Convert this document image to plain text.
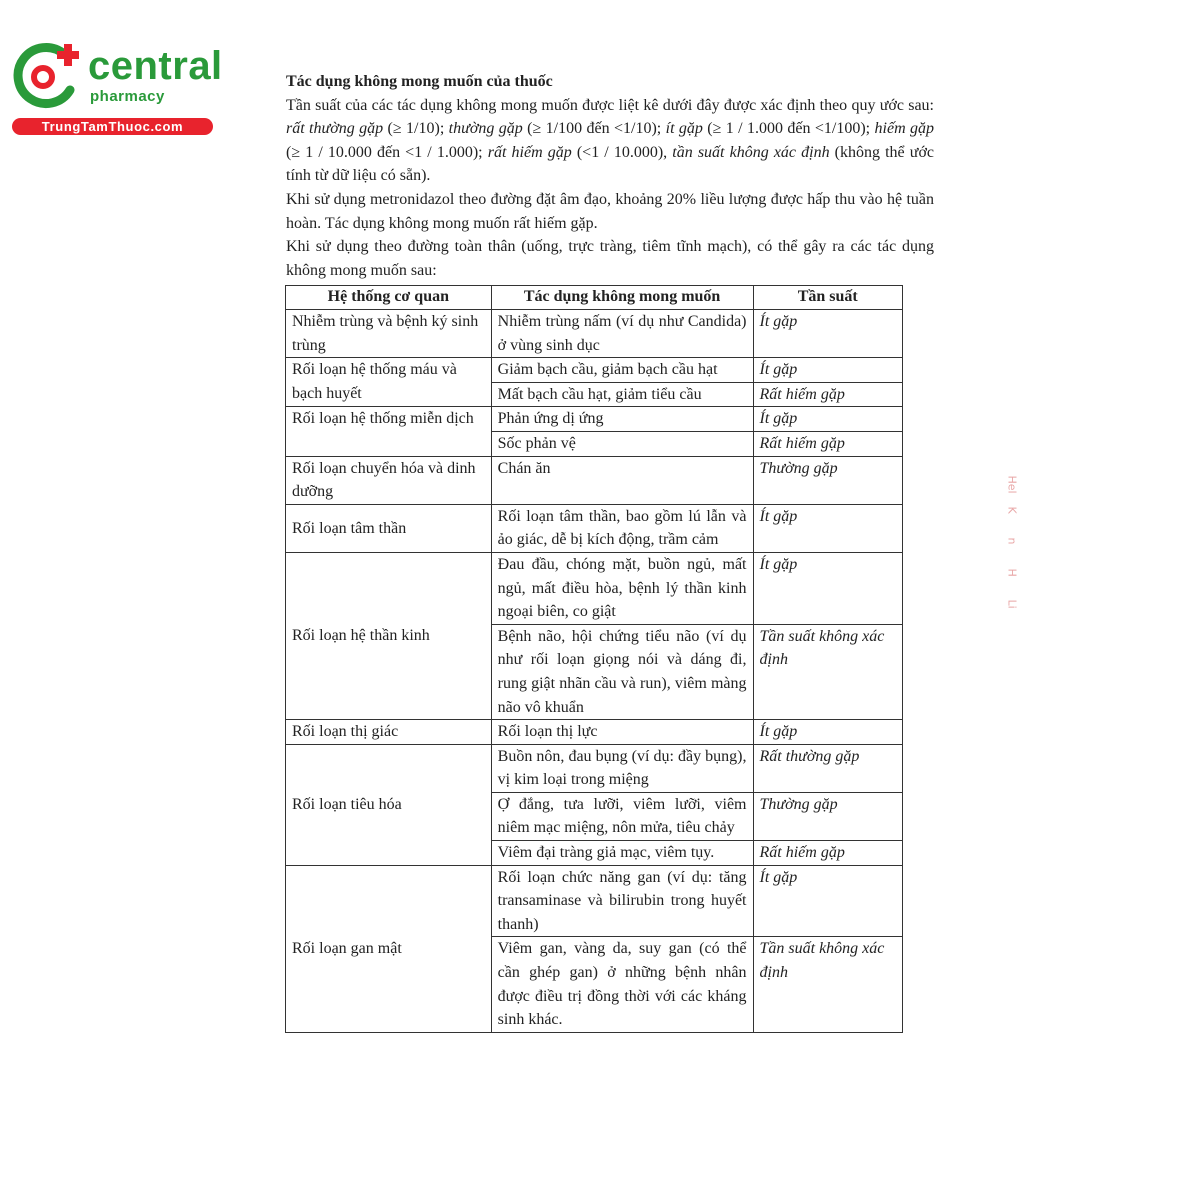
central
pharmacy
TrungTamThuoc.com
Tác dụng không mong muốn của thuốc

Tần suất của các tác dụng không mong muốn được liệt kê dưới đây được xác định theo quy ước sau: rất thường gặp (≥ 1/10); thường gặp (≥ 1/100 đến <1/10); ít gặp (≥ 1 / 1.000 đến <1/100); hiếm gặp (≥ 1 / 10.000 đến <1 / 1.000); rất hiếm gặp (<1 / 10.000), tần suất không xác định (không thể ước tính từ dữ liệu có sẵn).

Khi sử dụng metronidazol theo đường đặt âm đạo, khoảng 20% liều lượng được hấp thu vào hệ tuần hoàn. Tác dụng không mong muốn rất hiếm gặp.

Khi sử dụng theo đường toàn thân (uống, trực tràng, tiêm tĩnh mạch), có thể gây ra các tác dụng không mong muốn sau:

Hệ thống cơ quan	Tác dụng không mong muốn	Tần suất
Nhiễm trùng và bệnh ký sinh trùng	Nhiễm trùng nấm (ví dụ như Candida) ở vùng sinh dục	Ít gặp
Rối loạn hệ thống máu và bạch huyết	Giảm bạch cầu, giảm bạch cầu hạt	Ít gặp
	Mất bạch cầu hạt, giảm tiểu cầu	Rất hiếm gặp
Rối loạn hệ thống miễn dịch	Phản ứng dị ứng	Ít gặp
	Sốc phản vệ	Rất hiếm gặp
Rối loạn chuyển hóa và dinh dưỡng	Chán ăn	Thường gặp
Rối loạn tâm thần	Rối loạn tâm thần, bao gồm lú lẫn và ảo giác, dễ bị kích động, trầm cảm	Ít gặp
Rối loạn hệ thần kinh	Đau đầu, chóng mặt, buồn ngủ, mất ngủ, mất điều hòa, bệnh lý thần kinh ngoại biên, co giật	Ít gặp
	Bệnh não, hội chứng tiểu não (ví dụ như rối loạn giọng nói và dáng đi, rung giật nhãn cầu và run), viêm màng não vô khuẩn	Tần suất không xác định
Rối loạn thị giác	Rối loạn thị lực	Ít gặp
Rối loạn tiêu hóa	Buồn nôn, đau bụng (ví dụ: đầy bụng), vị kim loại trong miệng	Rất thường gặp
	Ợ đắng, tưa lưỡi, viêm lưỡi, viêm niêm mạc miệng, nôn mửa, tiêu chảy	Thường gặp
	Viêm đại tràng giả mạc, viêm tụy.	Rất hiếm gặp
Rối loạn gan mật	Rối loạn chức năng gan (ví dụ: tăng transaminase và bilirubin trong huyết thanh)	Ít gặp
	Viêm gan, vàng da, suy gan (có thể cần ghép gan) ở những bệnh nhân được điều trị đồng thời với các kháng sinh khác.	Tần suất không xác định
Hel
K
n
H
Li
